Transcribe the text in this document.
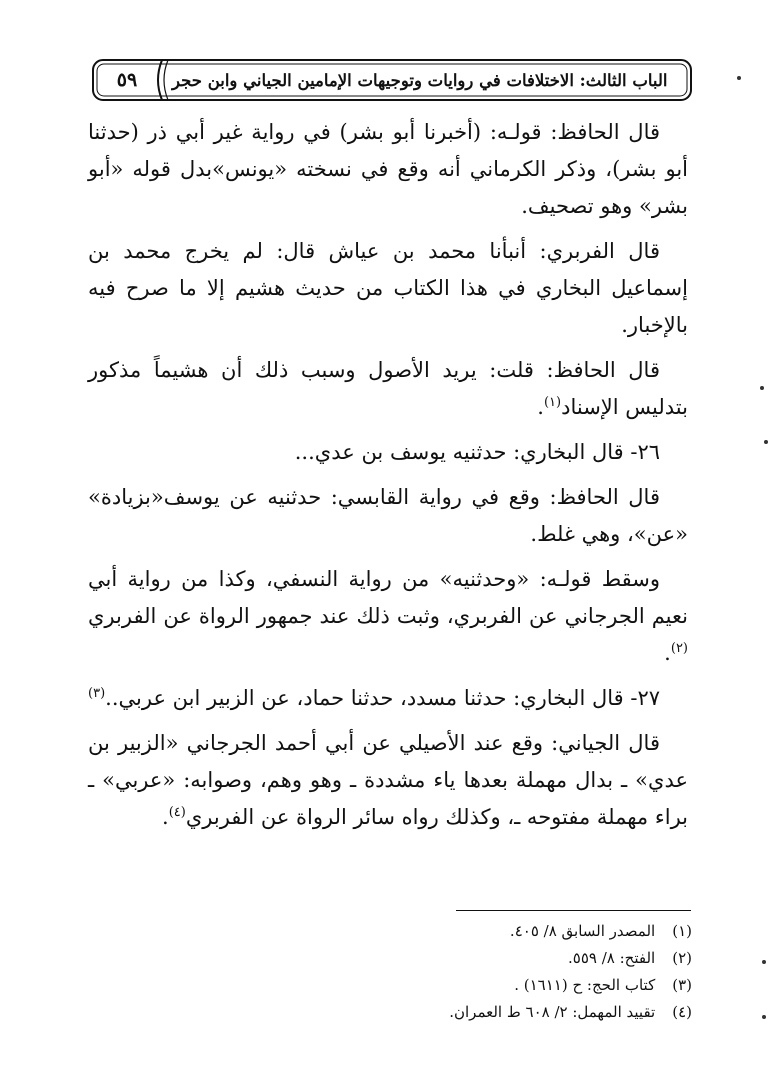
٥٩	الباب الثالث: الاختلافات في روايات وتوجيهات الإمامين الجياني وابن حجر

قال الحافظ: قولـه: (أخبرنا أبو بشر) في رواية غير أبي ذر (حدثنا أبو بشر)، وذكر الكرماني أنه وقع في نسخته «يونس»بدل قوله «أبو بشر» وهو تصحيف.

قال الفربري: أنبأنا محمد بن عياش قال: لم يخرج محمد بن إسماعيل البخاري في هذا الكتاب من حديث هشيم إلا ما صرح فيه بالإخبار.

قال الحافظ: قلت: يريد الأصول وسبب ذلك أن هشيماً مذكور بتدليس الإسناد$^{(١)}$.

٢٦- قال البخاري: حدثنيه يوسف بن عدي...

قال الحافظ: وقع في رواية القابسي: حدثنيه عن يوسف«بزيادة» «عن»، وهي غلط.

وسقط قولـه: «وحدثنيه» من رواية النسفي، وكذا من رواية أبي نعيم الجرجاني عن الفربري، وثبت ذلك عند جمهور الرواة عن الفربري $^{(٢)}$.

٢٧- قال البخاري: حدثنا مسدد، حدثنا حماد، عن الزبير ابن عربي..$^{(٣)}$

قال الجياني: وقع عند الأصيلي عن أبي أحمد الجرجاني «الزبير بن عدي» ـ بدال مهملة بعدها ياء مشددة ـ وهو وهم، وصوابه: «عربي» ـ براء مهملة مفتوحه ـ، وكذلك رواه سائر الرواة عن الفربري$^{(٤)}$.

(١) المصدر السابق ٨/ ٤٠٥.
(٢) الفتح: ٨/ ٥٥٩.
(٣) كتاب الحج: ح (١٦١١) .
(٤) تقييد المهمل: ٢/ ٦٠٨ ط العمران.
